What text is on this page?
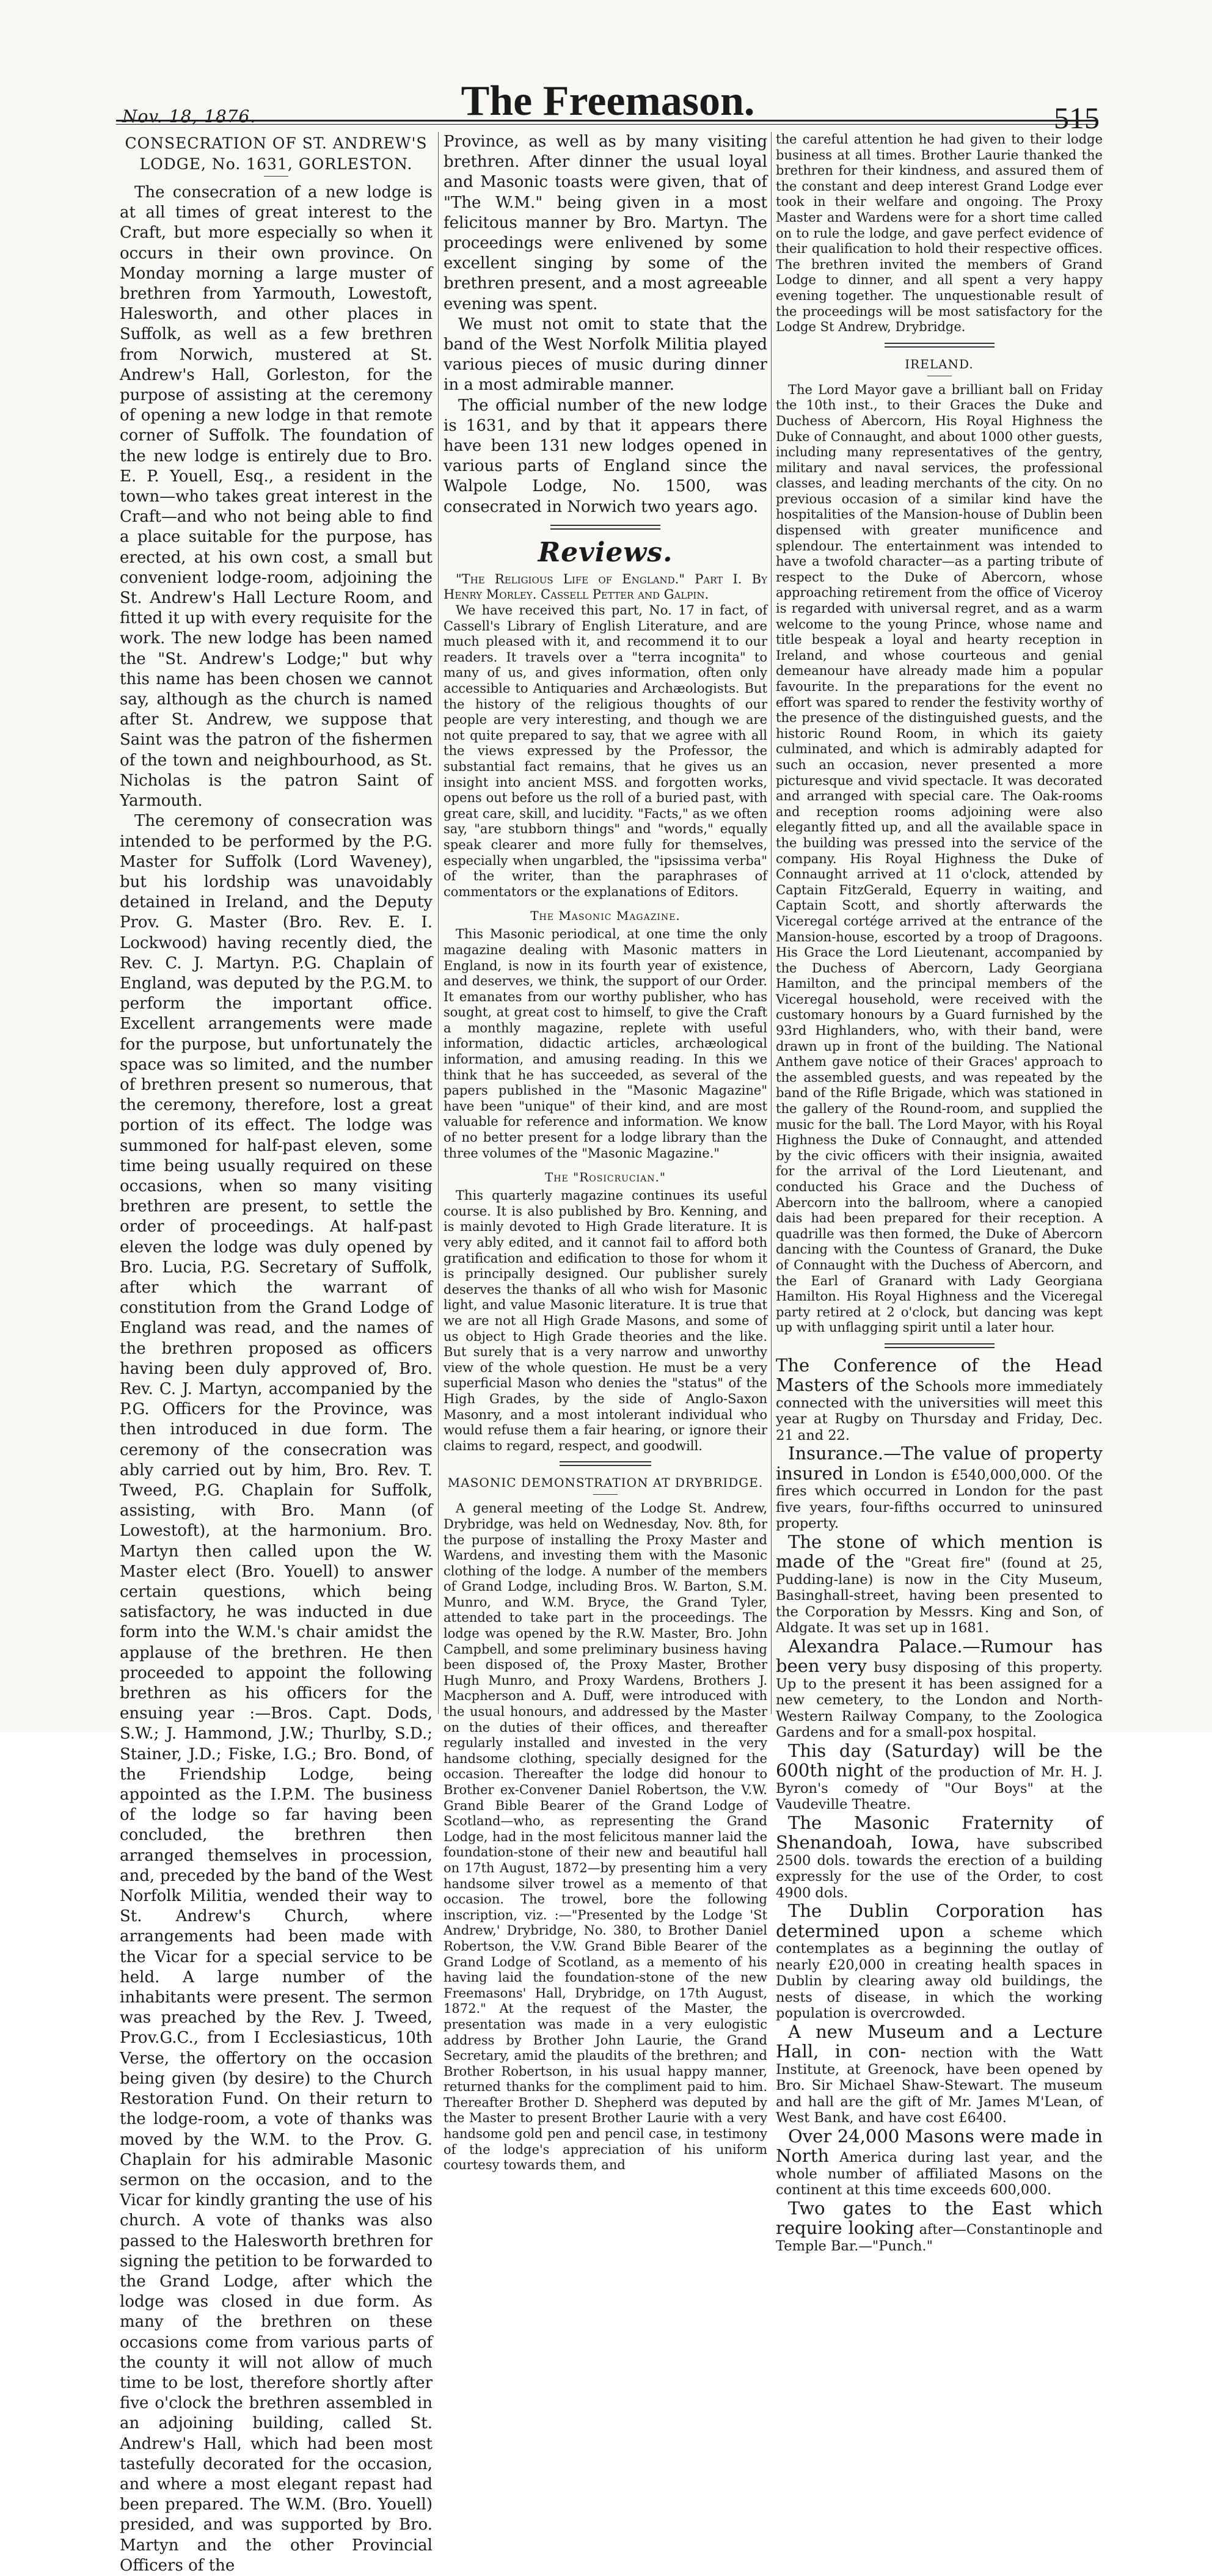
Nov. 18, 1876.	The Freemason.	515
CONSECRATION OF ST. ANDREW'S
LODGE, No. 1631, GORLESTON.

The consecration of a new lodge is at all times of great interest to the Craft, but more especially so when it occurs in their own province. On Monday morning a large muster of brethren from Yarmouth, Lowestoft, Halesworth, and other places in Suffolk, as well as a few brethren from Norwich, mustered at St. Andrew's Hall, Gorleston, for the purpose of assisting at the ceremony of opening a new lodge in that remote corner of Suffolk. The foundation of the new lodge is entirely due to Bro. E. P. Youell, Esq., a resident in the town—who takes great interest in the Craft—and who not being able to find a place suitable for the purpose, has erected, at his own cost, a small but convenient lodge-room, adjoining the St. Andrew's Hall Lecture Room, and fitted it up with every requisite for the work. The new lodge has been named the "St. Andrew's Lodge;" but why this name has been chosen we cannot say, although as the church is named after St. Andrew, we suppose that Saint was the patron of the fishermen of the town and neighbourhood, as St. Nicholas is the patron Saint of Yarmouth.

The ceremony of consecration was intended to be performed by the P.G. Master for Suffolk (Lord Waveney), but his lordship was unavoidably detained in Ireland, and the Deputy Prov. G. Master (Bro. Rev. E. I. Lockwood) having recently died, the Rev. C. J. Martyn. P.G. Chaplain of England, was deputed by the P.G.M. to perform the important office. Excellent arrangements were made for the purpose, but unfortunately the space was so limited, and the number of brethren present so numerous, that the ceremony, therefore, lost a great portion of its effect. The lodge was summoned for half-past eleven, some time being usually required on these occasions, when so many visiting brethren are present, to settle the order of proceedings. At half-past eleven the lodge was duly opened by Bro. Lucia, P.G. Secretary of Suffolk, after which the warrant of constitution from the Grand Lodge of England was read, and the names of the brethren proposed as officers having been duly approved of, Bro. Rev. C. J. Martyn, accompanied by the P.G. Officers for the Province, was then introduced in due form. The ceremony of the consecration was ably carried out by him, Bro. Rev. T. Tweed, P.G. Chaplain for Suffolk, assisting, with Bro. Mann (of Lowestoft), at the harmonium. Bro. Martyn then called upon the W. Master elect (Bro. Youell) to answer certain questions, which being satisfactory, he was inducted in due form into the W.M.'s chair amidst the applause of the brethren. He then proceeded to appoint the following brethren as his officers for the ensuing year :—Bros. Capt. Dods, S.W.; J. Hammond, J.W.; Thurlby, S.D.; Stainer, J.D.; Fiske, I.G.; Bro. Bond, of the Friendship Lodge, being appointed as the I.P.M. The business of the lodge so far having been concluded, the brethren then arranged themselves in procession, and, preceded by the band of the West Norfolk Militia, wended their way to St. Andrew's Church, where arrangements had been made with the Vicar for a special service to be held. A large number of the inhabitants were present. The sermon was preached by the Rev. J. Tweed, Prov.G.C., from I Ecclesiasticus, 10th Verse, the offertory on the occasion being given (by desire) to the Church Restoration Fund. On their return to the lodge-room, a vote of thanks was moved by the W.M. to the Prov. G. Chaplain for his admirable Masonic sermon on the occasion, and to the Vicar for kindly granting the use of his church. A vote of thanks was also passed to the Halesworth brethren for signing the petition to be forwarded to the Grand Lodge, after which the lodge was closed in due form. As many of the brethren on these occasions come from various parts of the county it will not allow of much time to be lost, therefore shortly after five o'clock the brethren assembled in an adjoining building, called St. Andrew's Hall, which had been most tastefully decorated for the occasion, and where a most elegant repast had been prepared. The W.M. (Bro. Youell) presided, and was supported by Bro. Martyn and the other Provincial Officers of the

Province, as well as by many visiting brethren. After dinner the usual loyal and Masonic toasts were given, that of "The W.M." being given in a most felicitous manner by Bro. Martyn. The proceedings were enlivened by some excellent singing by some of the brethren present, and a most agreeable evening was spent.

We must not omit to state that the band of the West Norfolk Militia played various pieces of music during dinner in a most admirable manner.

The official number of the new lodge is 1631, and by that it appears there have been 131 new lodges opened in various parts of England since the Walpole Lodge, No. 1500, was consecrated in Norwich two years ago.

Reviews.

"The Religious Life of England." Part I. By Henry Morley. Cassell Petter and Galpin.

We have received this part, No. 17 in fact, of Cassell's Library of English Literature, and are much pleased with it, and recommend it to our readers. It travels over a "terra incognita" to many of us, and gives information, often only accessible to Antiquaries and Archæologists. But the history of the religious thoughts of our people are very interesting, and though we are not quite prepared to say, that we agree with all the views expressed by the Professor, the substantial fact remains, that he gives us an insight into ancient MSS. and forgotten works, opens out before us the roll of a buried past, with great care, skill, and lucidity. "Facts," as we often say, "are stubborn things" and "words," equally speak clearer and more fully for themselves, especially when ungarbled, the "ipsissima verba" of the writer, than the paraphrases of commentators or the explanations of Editors.

The Masonic Magazine.

This Masonic periodical, at one time the only magazine dealing with Masonic matters in England, is now in its fourth year of existence, and deserves, we think, the support of our Order. It emanates from our worthy publisher, who has sought, at great cost to himself, to give the Craft a monthly magazine, replete with useful information, didactic articles, archæological information, and amusing reading. In this we think that he has succeeded, as several of the papers published in the "Masonic Magazine" have been "unique" of their kind, and are most valuable for reference and information. We know of no better present for a lodge library than the three volumes of the "Masonic Magazine."

The "Rosicrucian."

This quarterly magazine continues its useful course. It is also published by Bro. Kenning, and is mainly devoted to High Grade literature. It is very ably edited, and it cannot fail to afford both gratification and edification to those for whom it is principally designed. Our publisher surely deserves the thanks of all who wish for Masonic light, and value Masonic literature. It is true that we are not all High Grade Masons, and some of us object to High Grade theories and the like. But surely that is a very narrow and unworthy view of the whole question. He must be a very superficial Mason who denies the "status" of the High Grades, by the side of Anglo-Saxon Masonry, and a most intolerant individual who would refuse them a fair hearing, or ignore their claims to regard, respect, and goodwill.

MASONIC DEMONSTRATION AT DRYBRIDGE.

A general meeting of the Lodge St. Andrew, Drybridge, was held on Wednesday, Nov. 8th, for the purpose of installing the Proxy Master and Wardens, and investing them with the Masonic clothing of the lodge. A number of the members of Grand Lodge, including Bros. W. Barton, S.M. Munro, and W.M. Bryce, the Grand Tyler, attended to take part in the proceedings. The lodge was opened by the R.W. Master, Bro. John Campbell, and some preliminary business having been disposed of, the Proxy Master, Brother Hugh Munro, and Proxy Wardens, Brothers J. Macpherson and A. Duff, were introduced with the usual honours, and addressed by the Master on the duties of their offices, and thereafter regularly installed and invested in the very handsome clothing, specially designed for the occasion. Thereafter the lodge did honour to Brother ex-Convener Daniel Robertson, the V.W. Grand Bible Bearer of the Grand Lodge of Scotland—who, as representing the Grand Lodge, had in the most felicitous manner laid the foundation-stone of their new and beautiful hall on 17th August, 1872—by presenting him a very handsome silver trowel as a memento of that occasion. The trowel, bore the following inscription, viz. :—"Presented by the Lodge 'St Andrew,' Drybridge, No. 380, to Brother Daniel Robertson, the V.W. Grand Bible Bearer of the Grand Lodge of Scotland, as a memento of his having laid the foundation-stone of the new Freemasons' Hall, Drybridge, on 17th August, 1872." At the request of the Master, the presentation was made in a very eulogistic address by Brother John Laurie, the Grand Secretary, amid the plaudits of the brethren; and Brother Robertson, in his usual happy manner, returned thanks for the compliment paid to him. Thereafter Brother D. Shepherd was deputed by the Master to present Brother Laurie with a very handsome gold pen and pencil case, in testimony of the lodge's appreciation of his uniform courtesy towards them, and

the careful attention he had given to their lodge business at all times. Brother Laurie thanked the brethren for their kindness, and assured them of the constant and deep interest Grand Lodge ever took in their welfare and ongoing. The Proxy Master and Wardens were for a short time called on to rule the lodge, and gave perfect evidence of their qualification to hold their respective offices. The brethren invited the members of Grand Lodge to dinner, and all spent a very happy evening together. The unquestionable result of the proceedings will be most satisfactory for the Lodge St Andrew, Drybridge.

IRELAND.

The Lord Mayor gave a brilliant ball on Friday the 10th inst., to their Graces the Duke and Duchess of Abercorn, His Royal Highness the Duke of Connaught, and about 1000 other guests, including many representatives of the gentry, military and naval services, the professional classes, and leading merchants of the city. On no previous occasion of a similar kind have the hospitalities of the Mansion-house of Dublin been dispensed with greater munificence and splendour. The entertainment was intended to have a twofold character—as a parting tribute of respect to the Duke of Abercorn, whose approaching retirement from the office of Viceroy is regarded with universal regret, and as a warm welcome to the young Prince, whose name and title bespeak a loyal and hearty reception in Ireland, and whose courteous and genial demeanour have already made him a popular favourite. In the preparations for the event no effort was spared to render the festivity worthy of the presence of the distinguished guests, and the historic Round Room, in which its gaiety culminated, and which is admirably adapted for such an occasion, never presented a more picturesque and vivid spectacle. It was decorated and arranged with special care. The Oak-rooms and reception rooms adjoining were also elegantly fitted up, and all the available space in the building was pressed into the service of the company. His Royal Highness the Duke of Connaught arrived at 11 o'clock, attended by Captain FitzGerald, Equerry in waiting, and Captain Scott, and shortly afterwards the Viceregal cortége arrived at the entrance of the Mansion-house, escorted by a troop of Dragoons. His Grace the Lord Lieutenant, accompanied by the Duchess of Abercorn, Lady Georgiana Hamilton, and the principal members of the Viceregal household, were received with the customary honours by a Guard furnished by the 93rd Highlanders, who, with their band, were drawn up in front of the building. The National Anthem gave notice of their Graces' approach to the assembled guests, and was repeated by the band of the Rifle Brigade, which was stationed in the gallery of the Round-room, and supplied the music for the ball. The Lord Mayor, with his Royal Highness the Duke of Connaught, and attended by the civic officers with their insignia, awaited for the arrival of the Lord Lieutenant, and conducted his Grace and the Duchess of Abercorn into the ballroom, where a canopied dais had been prepared for their reception. A quadrille was then formed, the Duke of Abercorn dancing with the Countess of Granard, the Duke of Connaught with the Duchess of Abercorn, and the Earl of Granard with Lady Georgiana Hamilton. His Royal Highness and the Viceregal party retired at 2 o'clock, but dancing was kept up with unflagging spirit until a later hour.

The Conference of the Head Masters of the Schools more immediately connected with the universities will meet this year at Rugby on Thursday and Friday, Dec. 21 and 22.

Insurance.—The value of property insured in London is £540,000,000. Of the fires which occurred in London for the past five years, four-fifths occurred to uninsured property.

The stone of which mention is made of the "Great fire" (found at 25, Pudding-lane) is now in the City Museum, Basinghall-street, having been presented to the Corporation by Messrs. King and Son, of Aldgate. It was set up in 1681.

Alexandra Palace.—Rumour has been very busy disposing of this property. Up to the present it has been assigned for a new cemetery, to the London and North-Western Railway Company, to the Zoologica Gardens and for a small-pox hospital.

This day (Saturday) will be the 600th night of the production of Mr. H. J. Byron's comedy of "Our Boys" at the Vaudeville Theatre.

The Masonic Fraternity of Shenandoah, Iowa, have subscribed 2500 dols. towards the erection of a building expressly for the use of the Order, to cost 4900 dols.

The Dublin Corporation has determined upon a scheme which contemplates as a beginning the outlay of nearly £20,000 in creating health spaces in Dublin by clearing away old buildings, the nests of disease, in which the working population is overcrowded.

A new Museum and a Lecture Hall, in con- nection with the Watt Institute, at Greenock, have been opened by Bro. Sir Michael Shaw-Stewart. The museum and hall are the gift of Mr. James M'Lean, of West Bank, and have cost £6400.

Over 24,000 Masons were made in North America during last year, and the whole number of affiliated Masons on the continent at this time exceeds 600,000.

Two gates to the East which require looking after—Constantinople and Temple Bar.—"Punch."
